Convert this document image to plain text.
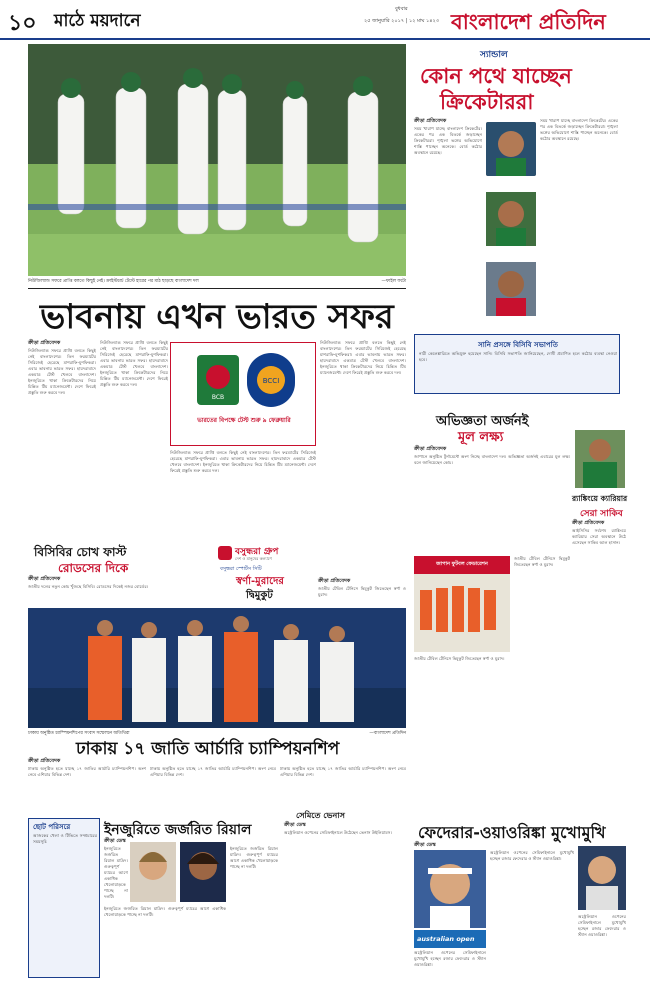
১০ মাঠে ময়দানে
বুধবার
২৫ জানুয়ারি ২০১৭ | ১২ মাঘ ১৪২৩ বাংলাদেশ প্রতিদিন
নিউজিল্যান্ড সফরে প্রাপ্তি বলতে কিছুই নেই। ক্রাইস্টচার্চ টেস্টে হারের পর মাঠ ছাড়ছে বাংলাদেশ দল	—ফাইল ফটো
ভাবনায় এখন ভারত সফর
ক্রীড়া প্রতিবেদক
নিউজিল্যান্ড সফরে প্রাপ্তি বলতে কিছুই নেই বাংলাদেশের। তিন ফরম্যাটের সিরিজেই হেরেছে মাশরাফি-মুশফিকরা। এবার ভাবনায় ভারত সফর। হায়দরাবাদে একমাত্র টেস্ট খেলবে বাংলাদেশ। ইনজুরিতে থাকা ক্রিকেটারদের নিয়ে চিন্তিত টিম ম্যানেজমেন্ট। দেশে ফিরেই প্রস্তুতি শুরু করবে দল।
নিউজিল্যান্ড সফরে প্রাপ্তি বলতে কিছুই নেই বাংলাদেশের। তিন ফরম্যাটের সিরিজেই হেরেছে মাশরাফি-মুশফিকরা। এবার ভাবনায় ভারত সফর। হায়দরাবাদে একমাত্র টেস্ট খেলবে বাংলাদেশ। ইনজুরিতে থাকা ক্রিকেটারদের নিয়ে চিন্তিত টিম ম্যানেজমেন্ট। দেশে ফিরেই প্রস্তুতি শুরু করবে দল।
BCB
BCCI
ভারতের বিপক্ষে টেস্ট শুরু ৯ ফেব্রুয়ারি
নিউজিল্যান্ড সফরে প্রাপ্তি বলতে কিছুই নেই বাংলাদেশের। তিন ফরম্যাটের সিরিজেই হেরেছে মাশরাফি-মুশফিকরা। এবার ভাবনায় ভারত সফর। হায়দরাবাদে একমাত্র টেস্ট খেলবে বাংলাদেশ। ইনজুরিতে থাকা ক্রিকেটারদের নিয়ে চিন্তিত টিম ম্যানেজমেন্ট। দেশে ফিরেই প্রস্তুতি শুরু করবে দল।
নিউজিল্যান্ড সফরে প্রাপ্তি বলতে কিছুই নেই বাংলাদেশের। তিন ফরম্যাটের সিরিজেই হেরেছে মাশরাফি-মুশফিকরা। এবার ভাবনায় ভারত সফর। হায়দরাবাদে একমাত্র টেস্ট খেলবে বাংলাদেশ। ইনজুরিতে থাকা ক্রিকেটারদের নিয়ে চিন্তিত টিম ম্যানেজমেন্ট। দেশে ফিরেই প্রস্তুতি শুরু করবে দল।
স্যান্ডাল
কোন পথে যাচ্ছেন
ক্রিকেটাররা
ক্রীড়া প্রতিবেদক
সময় খারাপ যাচ্ছে বাংলাদেশ ক্রিকেটের। একের পর এক বিতর্কে জড়াচ্ছেন ক্রিকেটাররা। শৃঙ্খলা ভঙ্গের অভিযোগে শাস্তি পাচ্ছেন অনেকে। বোর্ড কঠোর অবস্থানে রয়েছে।
সময় খারাপ যাচ্ছে বাংলাদেশ ক্রিকেটের। একের পর এক বিতর্কে জড়াচ্ছেন ক্রিকেটাররা। শৃঙ্খলা ভঙ্গের অভিযোগে শাস্তি পাচ্ছেন অনেকে। বোর্ড কঠোর অবস্থানে রয়েছে।
সানি প্রসঙ্গে বিসিবি সভাপতি
নারী কেলেঙ্কারিতে অভিযুক্ত হয়েছেন সানি। বিসিবি সভাপতি জানিয়েছেন, দোষী প্রমাণিত হলে কঠোর ব্যবস্থা নেওয়া হবে।
অভিজ্ঞতা অর্জনই
মূল লক্ষ্য
ক্রীড়া প্রতিবেদক
জাপানে অনুষ্ঠিত টুর্নামেন্টে অংশ নিচ্ছে বাংলাদেশ দল। অভিজ্ঞতা অর্জনই এবারের মূল লক্ষ্য বলে জানিয়েছেন কোচ।
জাপান ফুটবল ফেডারেশন
র‌্যাঙ্কিংয়ে ক্যারিয়ার
সেরা সাকিব
ক্রীড়া প্রতিবেদক
আইসিসির সর্বশেষ র‌্যাঙ্কিংয়ে ক্যারিয়ার সেরা অবস্থানে উঠে এসেছেন সাকিব আল হাসান।
বিসিবির চোখ ফাস্ট
রোডসের দিকে
ক্রীড়া প্রতিবেদক
জাতীয় দলের নতুন কোচ খুঁজছে বিসিবি। রোডসের দিকেই নজর বোর্ডের।
ঢাকায় অনুষ্ঠিত চ্যাম্পিয়নশিপের সংবাদ সম্মেলনে অতিথিরা	—বাংলাদেশ প্রতিদিন
ঢাকায় ১৭ জাতি আর্চারি চ্যাম্পিয়নশিপ
ক্রীড়া প্রতিবেদক
ঢাকায় অনুষ্ঠিত হতে যাচ্ছে ১৭ জাতির আর্চারি চ্যাম্পিয়নশিপ। অংশ নেবে এশিয়ার বিভিন্ন দেশ।
ঢাকায় অনুষ্ঠিত হতে যাচ্ছে ১৭ জাতির আর্চারি চ্যাম্পিয়নশিপ। অংশ নেবে এশিয়ার বিভিন্ন দেশ।
ঢাকায় অনুষ্ঠিত হতে যাচ্ছে ১৭ জাতির আর্চারি চ্যাম্পিয়নশিপ। অংশ নেবে এশিয়ার বিভিন্ন দেশ।
বসুন্ধরা গ্রুপ
দেশ ও মানুষের কল্যাণে
বসুন্ধরা স্পোর্টস সিটি
স্বর্ণা-মুরাদের
দ্বিমুকুট
ক্রীড়া প্রতিবেদক
জাতীয় টেবিল টেনিসে দ্বিমুকুট জিতেছেন স্বর্ণা ও মুরাদ।
জাতীয় টেবিল টেনিসে দ্বিমুকুট জিতেছেন স্বর্ণা ও মুরাদ।
জাতীয় টেবিল টেনিসে দ্বিমুকুট জিতেছেন স্বর্ণা ও মুরাদ।
ছোট পরিসরে
আজকের খেলা ও টিভিতে সম্প্রচারের সময়সূচি
ইনজুরিতে জর্জরিত রিয়াল
ক্রীড়া ডেস্ক
ইনজুরিতে জর্জরিত রিয়াল মাদ্রিদ। গুরুত্বপূর্ণ ম্যাচের আগে একাধিক খেলোয়াড়কে পাচ্ছে না দলটি।
ইনজুরিতে জর্জরিত রিয়াল মাদ্রিদ। গুরুত্বপূর্ণ ম্যাচের আগে একাধিক খেলোয়াড়কে পাচ্ছে না দলটি।
ইনজুরিতে জর্জরিত রিয়াল মাদ্রিদ। গুরুত্বপূর্ণ ম্যাচের আগে একাধিক খেলোয়াড়কে পাচ্ছে না দলটি।
সেমিতে ভেনাস
ক্রীড়া ডেস্ক
অস্ট্রেলিয়ান ওপেনের সেমিফাইনালে উঠেছেন ভেনাস উইলিয়ামস।	ফেদেরার-ওয়াওরিঙ্কা মুখোমুখি
ক্রীড়া ডেস্ক
australian open
অস্ট্রেলিয়ান ওপেনের সেমিফাইনালে মুখোমুখি হচ্ছেন রজার ফেদেরার ও স্ট্যান ওয়াওরিঙ্কা।
অস্ট্রেলিয়ান ওপেনের সেমিফাইনালে মুখোমুখি হচ্ছেন রজার ফেদেরার ও স্ট্যান ওয়াওরিঙ্কা।
অস্ট্রেলিয়ান ওপেনের সেমিফাইনালে মুখোমুখি হচ্ছেন রজার ফেদেরার ও স্ট্যান ওয়াওরিঙ্কা।
